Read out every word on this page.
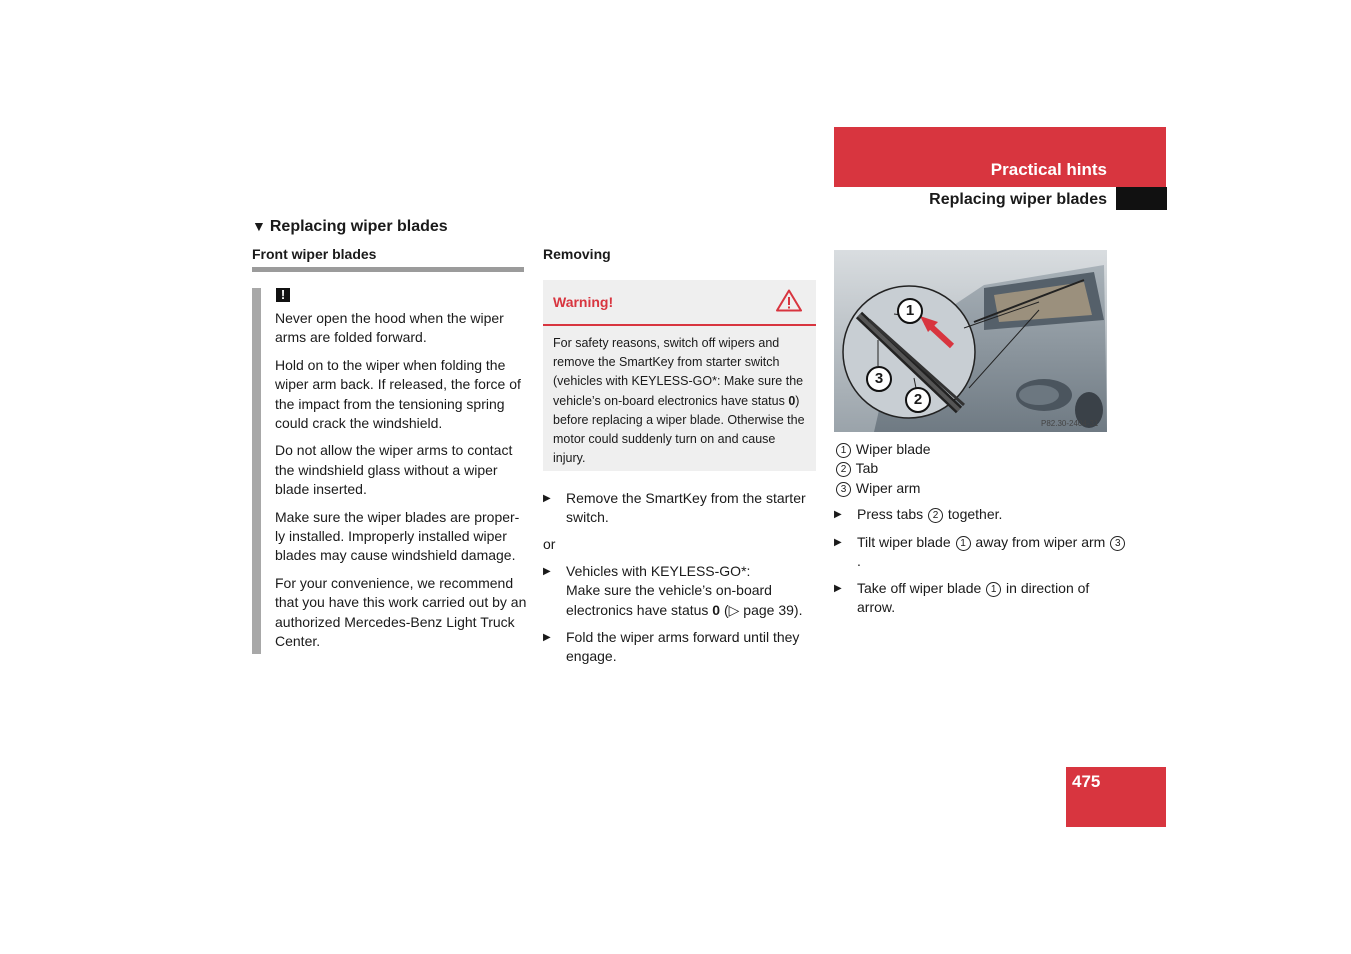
Practical hints
Replacing wiper blades
▼ Replacing wiper blades
Front wiper blades
!

Never open the hood when the wiper arms are folded forward.

Hold on to the wiper when folding the wiper arm back. If released, the force of the impact from the tensioning spring could crack the windshield.

Do not allow the wiper arms to contact the windshield glass without a wiper blade inserted.

Make sure the wiper blades are proper-ly installed. Improperly installed wiper blades may cause windshield damage.

For your convenience, we recommend that you have this work carried out by an authorized Mercedes-Benz Light Truck Center.

Removing
Warning!
For safety reasons, switch off wipers and remove the SmartKey from starter switch (vehicles with KEYLESS-GO*: Make sure the vehicle’s on-board electronics have status 0) before replacing a wiper blade. Otherwise the motor could suddenly turn on and cause injury.
▶ Remove the SmartKey from the starter switch.
or
▶ Vehicles with KEYLESS-GO*:
Make sure the vehicle’s on-board electronics have status 0 (▷ page 39).
▶ Fold the wiper arms forward until they engage.
1
2
3
P82.30-2404-31
1 Wiper blade
2 Tab
3 Wiper arm
▶ Press tabs 2 together.
▶ Tilt wiper blade 1 away from wiper arm 3.
▶ Take off wiper blade 1 in direction of arrow.
475
